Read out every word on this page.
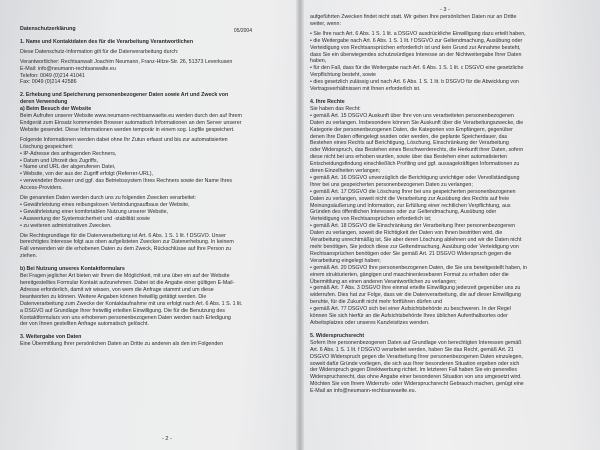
05/2004

Datenschutzerklärung

1. Name und Kontaktdaten des für die Verarbeitung Verantwortlichen

Diese Datenschutz-Information gilt für die Datenverarbeitung durch:

Verantwortlicher: Rechtsanwalt Joachim Neumann, Franz-Hitze-Str. 26, 51373 Leverkusen

E-Mail: info@neumann-rechtsanwalte.eu

Telefon: 0049 (0)214 41041

Fax: 0049 (0)214 42586

2. Erhebung und Speicherung personenbezogener Daten sowie Art und Zweck von

deren Verwendung

a) Beim Besuch der Website

Beim Aufrufen unserer Website www.neumann-rechtsanwaelte.eu werden durch den auf Ihrem

Endgerät zum Einsatz kommenden Browser automatisch Informationen an den Server unserer

Website gesendet. Diese Informationen werden temporär in einem sog. Logfile gespeichert.

Folgende Informationen werden dabei ohne Ihr Zutun erfasst und bis zur automatisierten

Löschung gespeichert:

• IP-Adresse des anfragenden Rechners,

• Datum und Uhrzeit des Zugriffs,

• Name und URL der abgerufenen Datei,

• Website, von der aus der Zugriff erfolgt (Referrer-URL),

• verwendeter Browser und ggf. das Betriebssystem Ihres Rechners sowie der Name Ihres

Access-Providers.

Die genannten Daten werden durch uns zu folgenden Zwecken verarbeitet:

• Gewährleistung eines reibungslosen Verbindungsaufbaus der Website,

• Gewährleistung einer komfortablen Nutzung unserer Website,

• Auswertung der Systemsicherheit und -stabilität sowie

• zu weiteren administrativen Zwecken.

Die Rechtsgrundlage für die Datenverarbeitung ist Art. 6 Abs. 1 S. 1 lit. f DSGVO. Unser

berechtigtes Interesse folgt aus oben aufgelisteten Zwecken zur Datenerhebung. In keinem

Fall verwenden wir die erhobenen Daten zu dem Zweck, Rückschlüsse auf Ihre Person zu

ziehen.

b) Bei Nutzung unseres Kontaktformulars

Bei Fragen jeglicher Art bieten wir Ihnen die Möglichkeit, mit uns über ein auf der Website

bereitgestelltes Formular Kontakt aufzunehmen. Dabei ist die Angabe einer gültigen E-Mail-

Adresse erforderlich, damit wir wissen, von wem die Anfrage stammt und um diese

beantworten zu können. Weitere Angaben können freiwillig getätigt werden. Die

Datenverarbeitung zum Zwecke der Kontaktaufnahme mit uns erfolgt nach Art. 6 Abs. 1 S. 1 lit.

a DSGVO auf Grundlage Ihrer freiwillig erteilten Einwilligung. Die für die Benutzung des

Kontaktformulars von uns erhobenen personenbezogenen Daten werden nach Erledigung

der von Ihnen gestellten Anfrage automatisch gelöscht.

3. Weitergabe von Daten

Eine Übermittlung Ihrer persönlichen Daten an Dritte zu anderen als den im Folgenden

- 2 -
- 3 -

aufgeführten Zwecken findet nicht statt. Wir geben Ihre persönlichen Daten nur an Dritte

weiter, wenn:

• Sie Ihre nach Art. 6 Abs. 1 S. 1 lit. a DSGVO ausdrückliche Einwilligung dazu erteilt haben,

• die Weitergabe nach Art. 6 Abs. 1 S. 1 lit. f DSGVO zur Geltendmachung, Ausübung oder

Verteidigung von Rechtsansprüchen erforderlich ist und kein Grund zur Annahme besteht,

dass Sie ein überwiegendes schutzwürdiges Interesse an der Nichtweitergabe Ihrer Daten

haben,

• für den Fall, dass für die Weitergabe nach Art. 6 Abs. 1 S. 1 lit. c DSGVO eine gesetzliche

Verpflichtung besteht, sowie

• dies gesetzlich zulässig und nach Art. 6 Abs. 1 S. 1 lit. b DSGVO für die Abwicklung von

Vertragsverhältnissen mit Ihnen erforderlich ist.

4. Ihre Rechte

Sie haben das Recht:

• gemäß Art. 15 DSGVO Auskunft über Ihre von uns verarbeiteten personenbezogenen

Daten zu verlangen. Insbesondere können Sie Auskunft über die Verarbeitungszwecke, die

Kategorie der personenbezogenen Daten, die Kategorien von Empfängern, gegenüber

denen Ihre Daten offengelegt wurden oder werden, die geplante Speicherdauer, das

Bestehen eines Rechts auf Berichtigung, Löschung, Einschränkung der Verarbeitung

oder Widerspruch, das Bestehen eines Beschwerderechts, die Herkunft ihrer Daten, sofern

diese nicht bei uns erhoben wurden, sowie über das Bestehen einer automatisierten

Entscheidungsfindung einschließlich Profiling und ggf. aussagekräftigen Informationen zu

deren Einzelheiten verlangen;

• gemäß Art. 16 DSGVO unverzüglich die Berichtigung unrichtiger oder Vervollständigung

Ihrer bei uns gespeicherten personenbezogenen Daten zu verlangen;

• gemäß Art. 17 DSGVO die Löschung Ihrer bei uns gespeicherten personenbezogenen

Daten zu verlangen, soweit nicht die Verarbeitung zur Ausübung des Rechts auf freie

Meinungsäußerung und Information, zur Erfüllung einer rechtlichen Verpflichtung, aus

Gründen des öffentlichen Interesses oder zur Geltendmachung, Ausübung oder

Verteidigung von Rechtsansprüchen erforderlich ist;

• gemäß Art. 18 DSGVO die Einschränkung der Verarbeitung Ihrer personenbezogenen

Daten zu verlangen, soweit die Richtigkeit der Daten von Ihnen bestritten wird, die

Verarbeitung unrechtmäßig ist, Sie aber deren Löschung ablehnen und wir die Daten nicht

mehr benötigen, Sie jedoch diese zur Geltendmachung, Ausübung oder Verteidigung von

Rechtsansprüchen benötigen oder Sie gemäß Art. 21 DSGVO Widerspruch gegen die

Verarbeitung eingelegt haben;

• gemäß Art. 20 DSGVO Ihre personenbezogenen Daten, die Sie uns bereitgestellt haben, in

einem strukturierten, gängigen und maschinenlesebaren Format zu erhalten oder die

Übermittlung an einen anderen Verantwortlichen zu verlangen;

• gemäß Art. 7 Abs. 3 DSGVO Ihre einmal erteilte Einwilligung jederzeit gegenüber uns zu

widerrufen. Dies hat zur Folge, dass wir die Datenverarbeitung, die auf dieser Einwilligung

beruhte, für die Zukunft nicht mehr fortführen dürfen und

• gemäß Art. 77 DSGVO sich bei einer Aufsichtsbehörde zu beschweren. In der Regel

können Sie sich hierfür an die Aufsichtsbehörde Ihres üblichen Aufenthaltsortes oder

Arbeitsplatzes oder unseres Kanzleisitzes wenden.

5. Widerspruchsrecht

Sofern Ihre personenbezogenen Daten auf Grundlage von berechtigten Interessen gemäß

Art. 6 Abs. 1 S. 1 lit. f DSGVO verarbeitet werden, haben Sie das Recht, gemäß Art. 21

DSGVO Widerspruch gegen die Verarbeitung Ihrer personenbezogenen Daten einzulegen,

soweit dafür Gründe vorliegen, die sich aus Ihrer besonderen Situation ergeben oder sich

der Widerspruch gegen Direktwerbung richtet. Im letzteren Fall haben Sie ein generelles

Widerspruchsrecht, das ohne Angabe einer besonderen Situation von uns umgesetzt wird.

Möchten Sie von Ihrem Widerrufs- oder Widerspruchsrecht Gebrauch machen, genügt eine

E-Mail an info@neumann-rechtsanwaelte.eu.
